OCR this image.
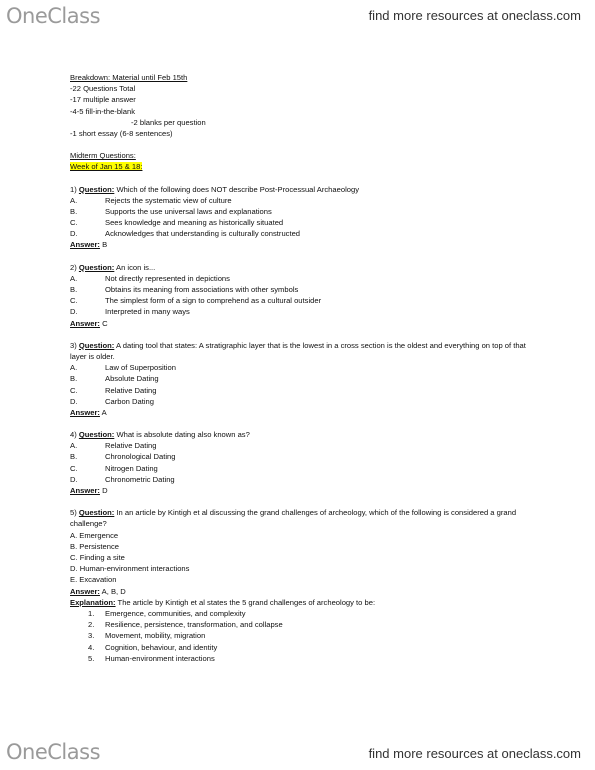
OneClass	find more resources at oneclass.com
Breakdown: Material until Feb 15th
-22 Questions Total
-17 multiple answer
-4-5 fill-in-the-blank
-2 blanks per question
-1 short essay (6-8 sentences)
Midterm Questions:
Week of Jan 15 & 18:
1) Question: Which of the following does NOT describe Post-Processual Archaeology
A.	Rejects the systematic view of culture
B.	Supports the use universal laws and explanations
C.	Sees knowledge and meaning as historically situated
D.	Acknowledges that understanding is culturally constructed
Answer: B
2) Question: An icon is...
A.	Not directly represented in depictions
B.	Obtains its meaning from associations with other symbols
C.	The simplest form of a sign to comprehend as a cultural outsider
D.	Interpreted in many ways
Answer: C
3) Question: A dating tool that states: A stratigraphic layer that is the lowest in a cross section is the oldest and everything on top of that layer is older.
A.	Law of Superposition
B.	Absolute Dating
C.	Relative Dating
D.	Carbon Dating
Answer: A
4) Question: What is absolute dating also known as?
A.	Relative Dating
B.	Chronological Dating
C.	Nitrogen Dating
D.	Chronometric Dating
Answer: D
5) Question: In an article by Kintigh et al discussing the grand challenges of archeology, which of the following is considered a grand challenge?
A. Emergence
B. Persistence
C. Finding a site
D. Human-environment interactions
E. Excavation
Answer: A, B, D
Explanation: The article by Kintigh et al states the 5 grand challenges of archeology to be:
1.	Emergence, communities, and complexity
2.	Resilience, persistence, transformation, and collapse
3.	Movement, mobility, migration
4.	Cognition, behaviour, and identity
5.	Human-environment interactions
OneClass	find more resources at oneclass.com
